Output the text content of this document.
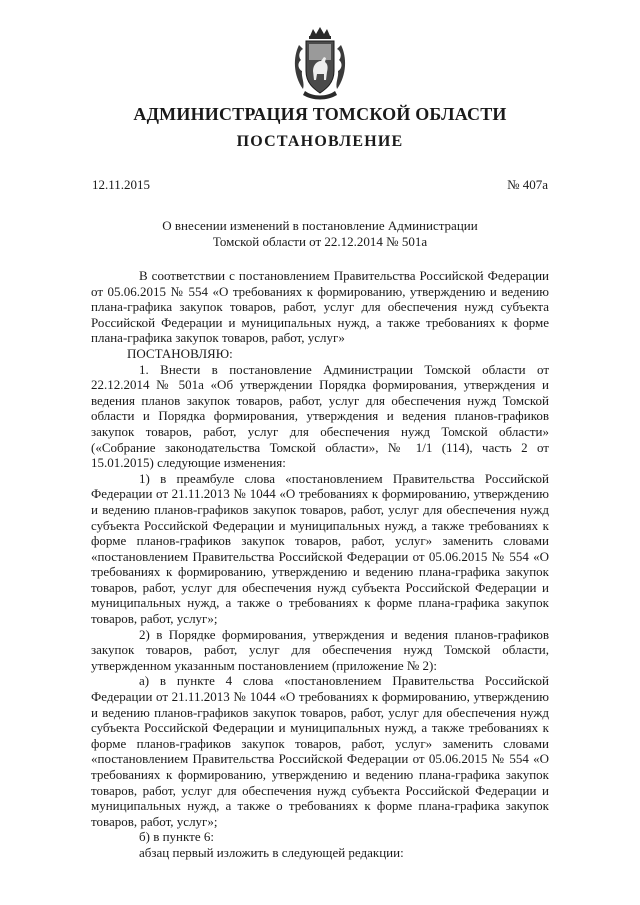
АДМИНИСТРАЦИЯ ТОМСКОЙ ОБЛАСТИ
ПОСТАНОВЛЕНИЕ
12.11.2015	№ 407а
О внесении изменений в постановление Администрации
Томской области от 22.12.2014 № 501а

В соответствии с постановлением Правительства Российской Федерации от 05.06.2015 № 554 «О требованиях к формированию, утверждению и ведению плана-графика закупок товаров, работ, услуг для обеспечения нужд субъекта Российской Федерации и муниципальных нужд, а также требованиях к форме плана-графика закупок товаров, работ, услуг»

ПОСТАНОВЛЯЮ:

1. Внести в постановление Администрации Томской области от 22.12.2014 № 501а «Об утверждении Порядка формирования, утверждения и ведения планов закупок товаров, работ, услуг для обеспечения нужд Томской области и Порядка формирования, утверждения и ведения планов-графиков закупок товаров, работ, услуг для обеспечения нужд Томской области» («Собрание законодательства Томской области», № 1/1 (114), часть 2 от 15.01.2015) следующие изменения:

1) в преамбуле слова «постановлением Правительства Российской Федерации от 21.11.2013 № 1044 «О требованиях к формированию, утверждению и ведению планов-графиков закупок товаров, работ, услуг для обеспечения нужд субъекта Российской Федерации и муниципальных нужд, а также требованиях к форме планов-графиков закупок товаров, работ, услуг» заменить словами «постановлением Правительства Российской Федерации от 05.06.2015 № 554 «О требованиях к формированию, утверждению и ведению плана-графика закупок товаров, работ, услуг для обеспечения нужд субъекта Российской Федерации и муниципальных нужд, а также о требованиях к форме плана-графика закупок товаров, работ, услуг»;

2) в Порядке формирования, утверждения и ведения планов-графиков закупок товаров, работ, услуг для обеспечения нужд Томской области, утвержденном указанным постановлением (приложение № 2):

а) в пункте 4 слова «постановлением Правительства Российской Федерации от 21.11.2013 № 1044 «О требованиях к формированию, утверждению и ведению планов-графиков закупок товаров, работ, услуг для обеспечения нужд субъекта Российской Федерации и муниципальных нужд, а также требованиях к форме планов-графиков закупок товаров, работ, услуг» заменить словами «постановлением Правительства Российской Федерации от 05.06.2015 № 554 «О требованиях к формированию, утверждению и ведению плана-графика закупок товаров, работ, услуг для обеспечения нужд субъекта Российской Федерации и муниципальных нужд, а также о требованиях к форме плана-графика закупок товаров, работ, услуг»;

б) в пункте 6:

абзац первый изложить в следующей редакции:
